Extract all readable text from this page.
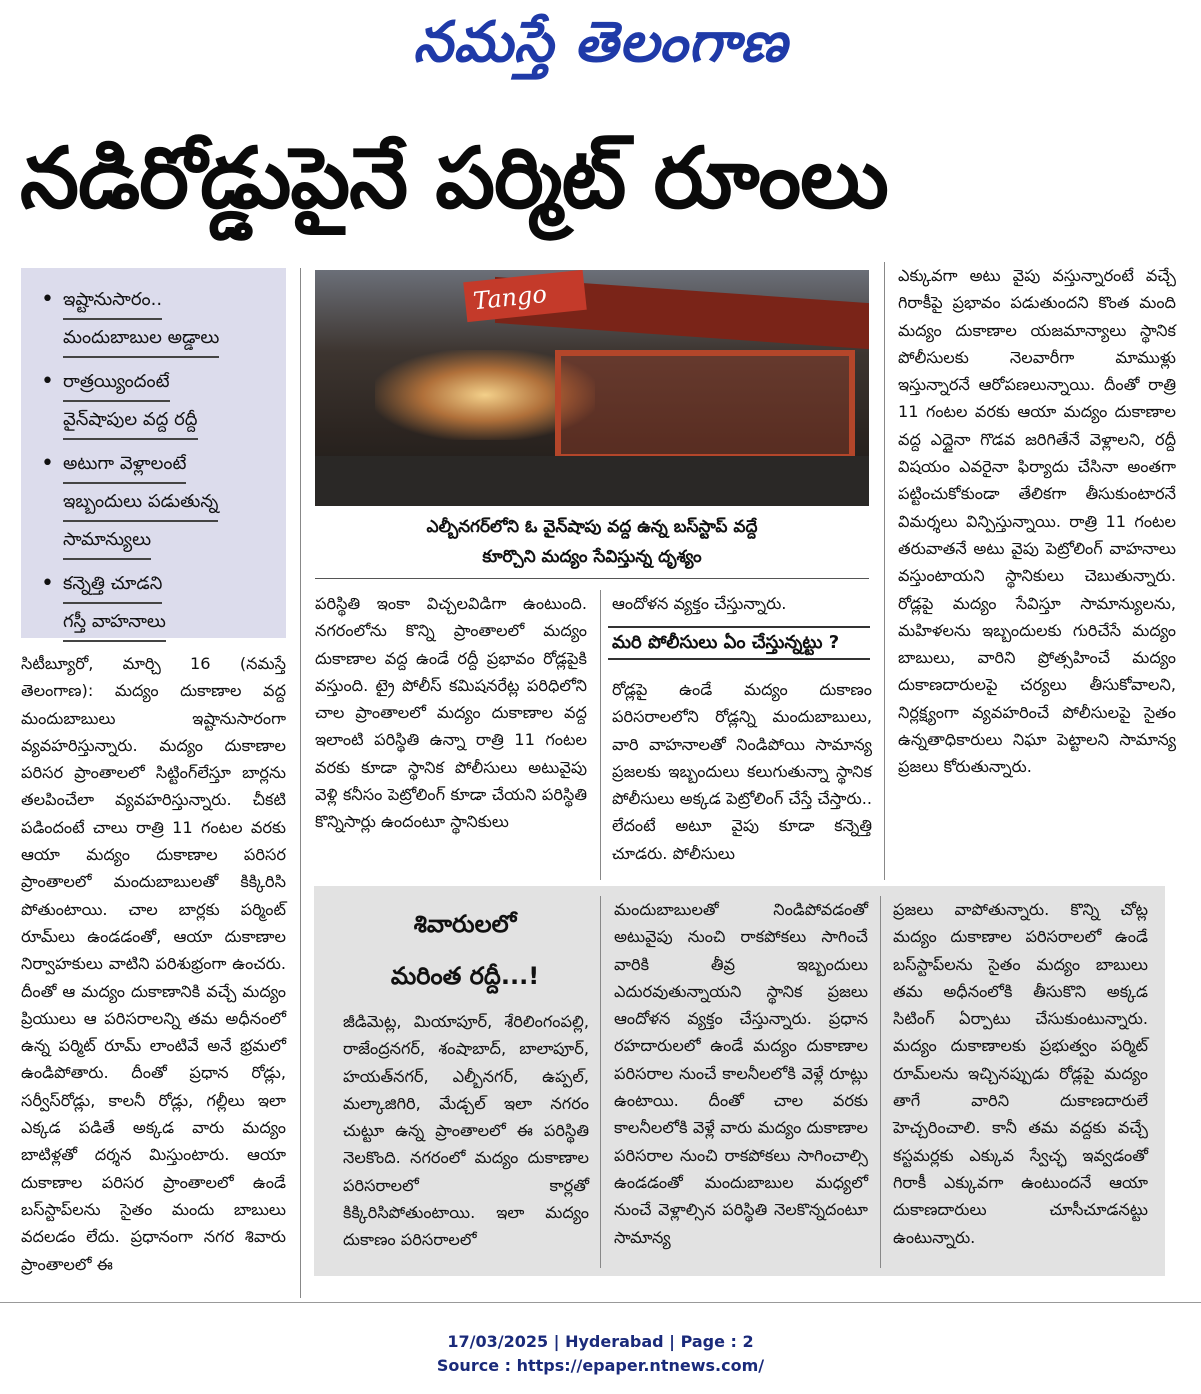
నమస్తే తెలంగాణ
నడిరోడ్డుపైనే పర్మిట్ రూంలు
• ఇష్టానుసారం..
మందుబాబుల అడ్డాలు
• రాత్రయ్యిందంటే
వైన్‌షాపుల వద్ద రద్దీ
• అటుగా వెళ్లాలంటే
ఇబ్బందులు పడుతున్న
సామాన్యులు
• కన్నెత్తి చూడని
గస్తీ వాహనాలు
Tango
ఎల్బీనగర్‌లోని ఓ వైన్‌షాపు వద్ద ఉన్న బస్‌స్టాప్ వద్దే
కూర్చొని మద్యం సేవిస్తున్న దృశ్యం

సిటీబ్యూరో, మార్చి 16 (నమస్తే తెలంగాణ): మద్యం దుకాణాల వద్ద మందుబాబులు ఇష్టానుసారంగా వ్యవహరిస్తున్నారు. మద్యం దుకాణాల పరిసర ప్రాంతాలలో సిట్టింగ్‌లేస్తూ బార్లను తలపించేలా వ్యవహరిస్తున్నారు. చీకటి పడిందంటే చాలు రాత్రి 11 గంటల వరకు ఆయా మద్యం దుకాణాల పరిసర ప్రాంతాలలో మందుబాబులతో కిక్కిరిసి పోతుంటాయి. చాల బార్లకు పర్మింట్ రూమ్‌లు ఉండడంతో, ఆయా దుకాణాల నిర్వాహకులు వాటిని పరిశుభ్రంగా ఉంచరు. దీంతో ఆ మద్యం దుకాణానికి వచ్చే మద్యం ప్రియులు ఆ పరిసరాలన్ని తమ అధీనంలో ఉన్న పర్మిట్ రూమ్ లాంటివే అనే భ్రమలో ఉండిపోతారు. దీంతో ప్రధాన రోడ్లు, సర్వీస్‌రోడ్లు, కాలనీ రోడ్లు, గల్లీలు ఇలా ఎక్కడ పడితే అక్కడ వారు మద్యం బాటిళ్లతో దర్శన మిస్తుంటారు. ఆయా దుకాణాల పరిసర ప్రాంతాలలో ఉండే బస్‌స్టాప్‌లను సైతం మందు బాబులు వదలడం లేదు. ప్రధానంగా నగర శివారు ప్రాంతాలలో ఈ

పరిస్థితి ఇంకా విచ్చలవిడిగా ఉంటుంది. నగరంలోను కొన్ని ప్రాంతాలలో మద్యం దుకాణాల వద్ద ఉండే రద్దీ ప్రభావం రోడ్లపైకి వస్తుంది. ట్రై పోలీస్ కమిషనరేట్ల పరిధిలోని చాల ప్రాంతాలలో మద్యం దుకాణాల వద్ద ఇలాంటి పరిస్థితి ఉన్నా రాత్రి 11 గంటల వరకు కూడా స్థానిక పోలీసులు అటువైపు వెళ్లి కనీసం పెట్రోలింగ్ కూడా చేయని పరిస్థితి కొన్నిసార్లు ఉందంటూ స్థానికులు

ఆందోళన వ్యక్తం చేస్తున్నారు.

మరి పోలీసులు ఏం చేస్తున్నట్టు ?

రోడ్లపై ఉండే మద్యం దుకాణం పరిసరాలలోని రోడ్లన్ని మందుబాబులు, వారి వాహనాలతో నిండిపోయి సామాన్య ప్రజలకు ఇబ్బందులు కలుగుతున్నా స్థానిక పోలీసులు అక్కడ పెట్రోలింగ్ చేస్తే చేస్తారు.. లేదంటే అటూ వైపు కూడా కన్నెత్తి చూడరు. పోలీసులు

ఎక్కువగా అటు వైపు వస్తున్నారంటే వచ్చే గిరాకీపై ప్రభావం పడుతుందని కొంత మంది మద్యం దుకాణాల యజమాన్యాలు స్థానిక పోలీసులకు నెలవారీగా మాముళ్లు ఇస్తున్నారనే ఆరోపణలున్నాయి. దీంతో రాత్రి 11 గంటల వరకు ఆయా మద్యం దుకాణాల వద్ద ఎద్దైనా గొడవ జరిగితేనే వెళ్లాలని, రద్దీ విషయం ఎవరైనా ఫిర్యాదు చేసినా అంతగా పట్టించుకోకుండా తేలికగా తీసుకుంటారనే విమర్శలు విన్పిస్తున్నాయి. రాత్రి 11 గంటల తరువాతనే అటు వైపు పెట్రోలింగ్ వాహనాలు వస్తుంటాయని స్థానికులు చెబుతున్నారు. రోడ్లపై మద్యం సేవిస్తూ సామాన్యులను, మహిళలను ఇబ్బందులకు గురిచేసే మద్యం బాబులు, వారిని ప్రోత్సహించే మద్యం దుకాణదారులపై చర్యలు తీసుకోవాలని, నిర్లక్ష్యంగా వ్యవహరించే పోలీసులపై సైతం ఉన్నతాధికారులు నిఘా పెట్టాలని సామాన్య ప్రజలు కోరుతున్నారు.

శివారులలో
మరింత రద్దీ...!

జీడిమెట్ల, మియాపూర్, శేరిలింగంపల్లి, రాజేంద్రనగర్, శంషాబాద్, బాలాపూర్, హయత్‌నగర్, ఎల్బీనగర్, ఉప్పల్, మల్కాజిగిరి, మేడ్చల్ ఇలా నగరం చుట్టూ ఉన్న ప్రాంతాలలో ఈ పరిస్థితి నెలకొంది. నగరంలో మద్యం దుకాణాల పరిసరాలలో కార్లతో కిక్కిరిసిపోతుంటాయి. ఇలా మద్యం దుకాణం పరిసరాలలో

మందుబాబులతో నిండిపోవడంతో అటువైపు నుంచి రాకపోకలు సాగించే వారికి తీవ్ర ఇబ్బందులు ఎదురవుతున్నాయని స్థానిక ప్రజలు ఆందోళన వ్యక్తం చేస్తున్నారు. ప్రధాన రహదారులలో ఉండే మద్యం దుకాణాల పరిసరాల నుంచే కాలనీలలోకి వెళ్లే రూట్లు ఉంటాయి. దీంతో చాల వరకు కాలనీలలోకి వెళ్లే వారు మద్యం దుకాణాల పరిసరాల నుంచి రాకపోకలు సాగించాల్సి ఉండడంతో మందుబాబుల మధ్యలో నుంచే వెళ్లాల్సిన పరిస్థితి నెలకొన్నదంటూ సామాన్య

ప్రజలు వాపోతున్నారు. కొన్ని చోట్ల మద్యం దుకాణాల పరిసరాలలో ఉండే బస్‌స్టాప్‌లను సైతం మద్యం బాబులు తమ అధీనంలోకి తీసుకొని అక్కడ సిటింగ్ ఏర్పాటు చేసుకుంటున్నారు. మద్యం దుకాణాలకు ప్రభుత్వం పర్మిట్ రూమ్‌లను ఇచ్చినప్పుడు రోడ్లపై మద్యం తాగే వారిని దుకాణదారులే హెచ్చరించాలి. కానీ తమ వద్దకు వచ్చే కస్టమర్లకు ఎక్కువ స్వేచ్ఛ ఇవ్వడంతో గిరాకీ ఎక్కువగా ఉంటుందనే ఆయా దుకాణదారులు చూసీచూడనట్టు ఉంటున్నారు.

17/03/2025 | Hyderabad | Page : 2
Source : https://epaper.ntnews.com/
